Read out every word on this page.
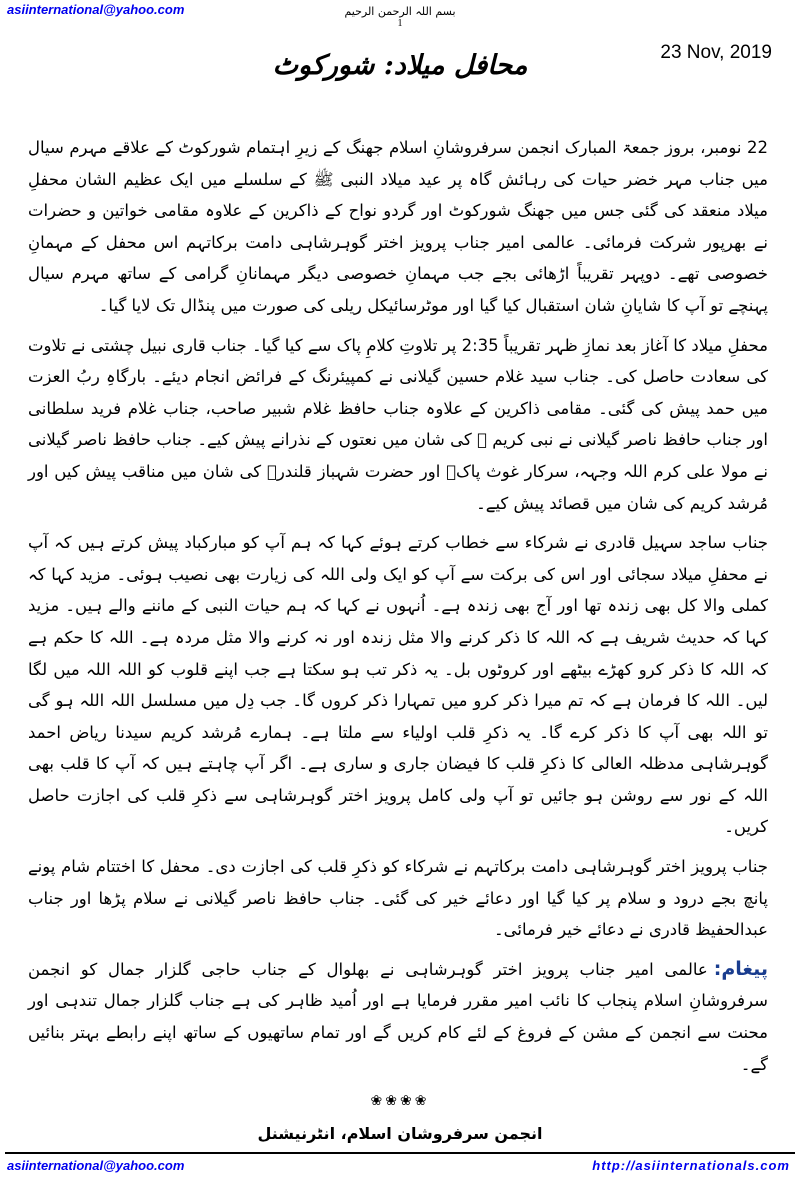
asiinternational@yahoo.com	بسم اللہ الرحمن الرحیم
1
23 Nov, 2019
محافل میلاد: شورکوٹ

22 نومبر، بروز جمعۃ المبارک انجمن سرفروشانِ اسلام جھنگ کے زیرِ اہتمام شورکوٹ کے علاقے مہرم سیال میں جناب مہر خضر حیات کی رہائش گاہ پر عید میلاد النبی ﷺ کے سلسلے میں ایک عظیم الشان محفلِ میلاد منعقد کی گئی جس میں جھنگ شورکوٹ اور گردو نواح کے ذاکرین کے علاوہ مقامی خواتین و حضرات نے بھرپور شرکت فرمائی۔ عالمی امیر جناب پرویز اختر گوہرشاہی دامت برکاتہم اس محفل کے مہمانِ خصوصی تھے۔ دوپہر تقریباً اڑھائی بجے جب مہمانِ خصوصی دیگر مہمانانِ گرامی کے ساتھ مہرم سیال پہنچے تو آپ کا شایانِ شان استقبال کیا گیا اور موٹرسائیکل ریلی کی صورت میں پنڈال تک لایا گیا۔

محفلِ میلاد کا آغاز بعد نمازِ ظہر تقریباً 2:35 پر تلاوتِ کلامِ پاک سے کیا گیا۔ جناب قاری نبیل چشتی نے تلاوت کی سعادت حاصل کی۔ جناب سید غلام حسین گیلانی نے کمپیئرنگ کے فرائض انجام دیئے۔ بارگاہِ ربُ العزت میں حمد پیش کی گئی۔ مقامی ذاکرین کے علاوہ جناب حافظ غلام شبیر صاحب، جناب غلام فرید سلطانی اور جناب حافظ ناصر گیلانی نے نبی کریم ﷺ کی شان میں نعتوں کے نذرانے پیش کیے۔ جناب حافظ ناصر گیلانی نے مولا علی کرم اللہ وجہہ، سرکار غوث پاکؒ اور حضرت شہباز قلندرؒ کی شان میں مناقب پیش کیں اور مُرشد کریم کی شان میں قصائد پیش کیے۔

جناب ساجد سہیل قادری نے شرکاء سے خطاب کرتے ہوئے کہا کہ ہم آپ کو مبارکباد پیش کرتے ہیں کہ آپ نے محفلِ میلاد سجائی اور اس کی برکت سے آپ کو ایک ولی اللہ کی زیارت بھی نصیب ہوئی۔ مزید کہا کہ کملی والا کل بھی زندہ تھا اور آج بھی زندہ ہے۔ اُنہوں نے کہا کہ ہم حیات النبی کے ماننے والے ہیں۔ مزید کہا کہ حدیث شریف ہے کہ اللہ کا ذکر کرنے والا مثل زندہ اور نہ کرنے والا مثل مردہ ہے۔ اللہ کا حکم ہے کہ اللہ کا ذکر کرو کھڑے بیٹھے اور کروٹوں بل۔ یہ ذکر تب ہو سکتا ہے جب اپنے قلوب کو اللہ اللہ میں لگا لیں۔ اللہ کا فرمان ہے کہ تم میرا ذکر کرو میں تمہارا ذکر کروں گا۔ جب دِل میں مسلسل اللہ اللہ ہو گی تو اللہ بھی آپ کا ذکر کرے گا۔ یہ ذکرِ قلب اولیاء سے ملتا ہے۔ ہمارے مُرشد کریم سیدنا ریاض احمد گوہرشاہی مدظلہ العالی کا ذکرِ قلب کا فیضان جاری و ساری ہے۔ اگر آپ چاہتے ہیں کہ آپ کا قلب بھی اللہ کے نور سے روشن ہو جائیں تو آپ ولی کامل پرویز اختر گوہرشاہی سے ذکرِ قلب کی اجازت حاصل کریں۔

جناب پرویز اختر گوہرشاہی دامت برکاتہم نے شرکاء کو ذکرِ قلب کی اجازت دی۔ محفل کا اختتام شام پونے پانچ بجے درود و سلام پر کیا گیا اور دعائے خیر کی گئی۔ جناب حافظ ناصر گیلانی نے سلام پڑھا اور جناب عبدالحفیظ قادری نے دعائے خیر فرمائی۔

پیغام:عالمی امیر جناب پرویز اختر گوہرشاہی نے بھلوال کے جناب حاجی گلزار جمال کو انجمن سرفروشانِ اسلام پنجاب کا نائب امیر مقرر فرمایا ہے اور اُمید ظاہر کی ہے جناب گلزار جمال تندہی اور محنت سے انجمن کے مشن کے فروغ کے لئے کام کریں گے اور تمام ساتھیوں کے ساتھ اپنے رابطے بہتر بنائیں گے۔

❀❀❀❀
انجمن سرفروشان اسلام، انٹرنیشنل
asiinternational@yahoo.com	http://asiinternationals.com
